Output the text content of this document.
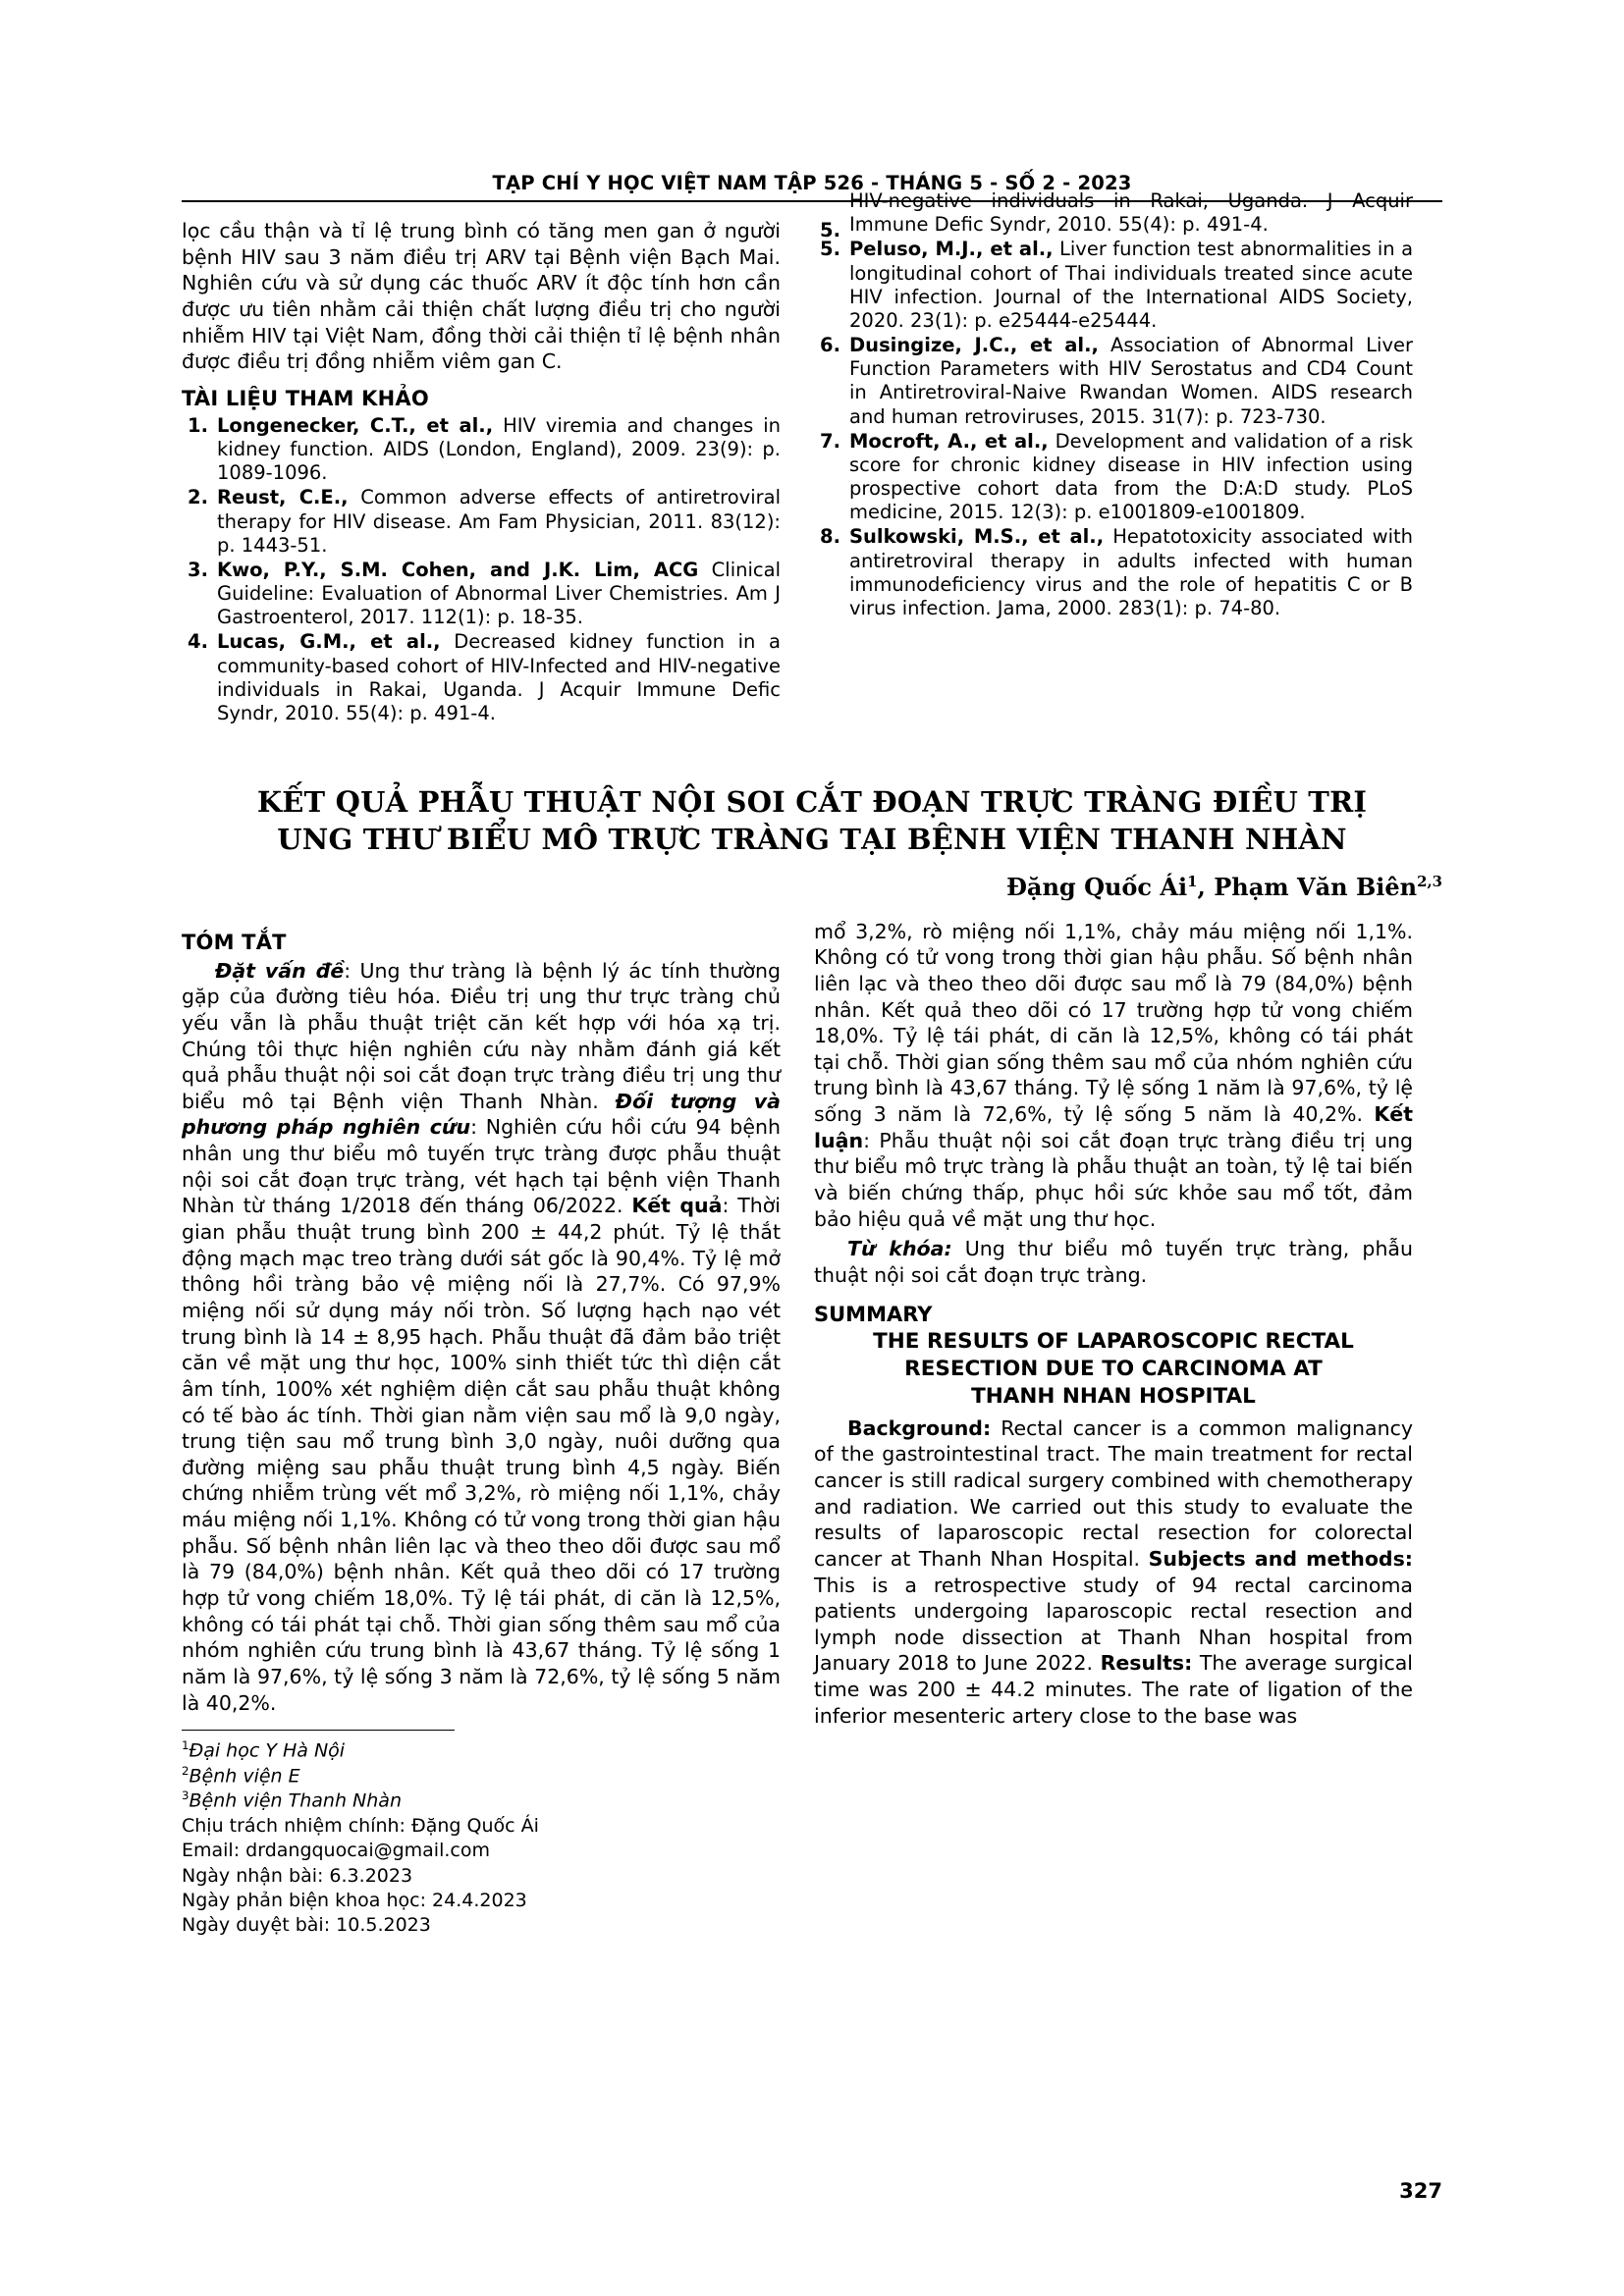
TẠP CHÍ Y HỌC VIỆT NAM TẬP 526 - THÁNG 5 - SỐ 2 - 2023

lọc cầu thận và tỉ lệ trung bình có tăng men gan ở người bệnh HIV sau 3 năm điều trị ARV tại Bệnh viện Bạch Mai. Nghiên cứu và sử dụng các thuốc ARV ít độc tính hơn cần được ưu tiên nhằm cải thiện chất lượng điều trị cho người nhiễm HIV tại Việt Nam, đồng thời cải thiện tỉ lệ bệnh nhân được điều trị đồng nhiễm viêm gan C.

TÀI LIỆU THAM KHẢO
Longenecker, C.T., et al., HIV viremia and changes in kidney function. AIDS (London, England), 2009. 23(9): p. 1089-1096.
Reust, C.E., Common adverse effects of antiretroviral therapy for HIV disease. Am Fam Physician, 2011. 83(12): p. 1443-51.
Kwo, P.Y., S.M. Cohen, and J.K. Lim, ACG Clinical Guideline: Evaluation of Abnormal Liver Chemistries. Am J Gastroenterol, 2017. 112(1): p. 18-35.
Lucas, G.M., et al., Decreased kidney function in a community-based cohort of HIV-Infected and HIV-negative individuals in Rakai, Uganda. J Acquir Immune Defic Syndr, 2010. 55(4): p. 491-4.

HIV-negative individuals in Rakai, Uganda. J Acquir Immune Defic Syndr, 2010. 55(4): p. 491-4.

Peluso, M.J., et al., Liver function test abnormalities in a longitudinal cohort of Thai individuals treated since acute HIV infection. Journal of the International AIDS Society, 2020. 23(1): p. e25444-e25444.
Dusingize, J.C., et al., Association of Abnormal Liver Function Parameters with HIV Serostatus and CD4 Count in Antiretroviral-Naive Rwandan Women. AIDS research and human retroviruses, 2015. 31(7): p. 723-730.
Mocroft, A., et al., Development and validation of a risk score for chronic kidney disease in HIV infection using prospective cohort data from the D:A:D study. PLoS medicine, 2015. 12(3): p. e1001809-e1001809.
Sulkowski, M.S., et al., Hepatotoxicity associated with antiretroviral therapy in adults infected with human immunodeficiency virus and the role of hepatitis C or B virus infection. Jama, 2000. 283(1): p. 74-80.
KẾT QUẢ PHẪU THUẬT NỘI SOI CẮT ĐOẠN TRỰC TRÀNG ĐIỀU TRỊ
UNG THƯ BIỂU MÔ TRỰC TRÀNG TẠI BỆNH VIỆN THANH NHÀN
Đặng Quốc $Ái^1$, Phạm Văn Biên$^{2,3}$
TÓM TẮT

Đặt vấn đề: Ung thư tràng là bệnh lý ác tính thường gặp của đường tiêu hóa. Điều trị ung thư trực tràng chủ yếu vẫn là phẫu thuật triệt căn kết hợp với hóa xạ trị. Chúng tôi thực hiện nghiên cứu này nhằm đánh giá kết quả phẫu thuật nội soi cắt đoạn trực tràng điều trị ung thư biểu mô tại Bệnh viện Thanh Nhàn. Đối tượng và phương pháp nghiên cứu: Nghiên cứu hồi cứu 94 bệnh nhân ung thư biểu mô tuyến trực tràng được phẫu thuật nội soi cắt đoạn trực tràng, vét hạch tại bệnh viện Thanh Nhàn từ tháng 1/2018 đến tháng 06/2022. Kết quả: Thời gian phẫu thuật trung bình 200 ± 44,2 phút. Tỷ lệ thắt động mạch mạc treo tràng dưới sát gốc là 90,4%. Tỷ lệ mở thông hồi tràng bảo vệ miệng nối là 27,7%. Có 97,9% miệng nối sử dụng máy nối tròn. Số lượng hạch nạo vét trung bình là 14 ± 8,95 hạch. Phẫu thuật đã đảm bảo triệt căn về mặt ung thư học, 100% sinh thiết tức thì diện cắt âm tính, 100% xét nghiệm diện cắt sau phẫu thuật không có tế bào ác tính. Thời gian nằm viện sau mổ là 9,0 ngày, trung tiện sau mổ trung bình 3,0 ngày, nuôi dưỡng qua đường miệng sau phẫu thuật trung bình 4,5 ngày. Biến chứng nhiễm trùng vết mổ 3,2%, rò miệng nối 1,1%, chảy máu miệng nối 1,1%. Không có tử vong trong thời gian hậu phẫu. Số bệnh nhân liên lạc và theo theo dõi được sau mổ là 79 (84,0%) bệnh nhân. Kết quả theo dõi có 17 trường hợp tử vong chiếm 18,0%. Tỷ lệ tái phát, di căn là 12,5%, không có tái phát tại chỗ. Thời gian sống thêm sau mổ của nhóm nghiên cứu trung bình là 43,67 tháng. Tỷ lệ sống 1 năm là 97,6%, tỷ lệ sống 3 năm là 72,6%, tỷ lệ sống 5 năm là 40,2%.

$^1$Đại học Y Hà Nội

$^2$Bệnh viện E

$^3$Bệnh viện Thanh Nhàn

Chịu trách nhiệm chính: Đặng Quốc Ái

Email: drdangquocai@gmail.com

Ngày nhận bài: 6.3.2023

Ngày phản biện khoa học: 24.4.2023

Ngày duyệt bài: 10.5.2023

mổ 3,2%, rò miệng nối 1,1%, chảy máu miệng nối 1,1%. Không có tử vong trong thời gian hậu phẫu. Số bệnh nhân liên lạc và theo theo dõi được sau mổ là 79 (84,0%) bệnh nhân. Kết quả theo dõi có 17 trường hợp tử vong chiếm 18,0%. Tỷ lệ tái phát, di căn là 12,5%, không có tái phát tại chỗ. Thời gian sống thêm sau mổ của nhóm nghiên cứu trung bình là 43,67 tháng. Tỷ lệ sống 1 năm là 97,6%, tỷ lệ sống 3 năm là 72,6%, tỷ lệ sống 5 năm là 40,2%. Kết luận: Phẫu thuật nội soi cắt đoạn trực tràng điều trị ung thư biểu mô trực tràng là phẫu thuật an toàn, tỷ lệ tai biến và biến chứng thấp, phục hồi sức khỏe sau mổ tốt, đảm bảo hiệu quả về mặt ung thư học.

Từ khóa: Ung thư biểu mô tuyến trực tràng, phẫu thuật nội soi cắt đoạn trực tràng.

SUMMARY
THE RESULTS OF LAPAROSCOPIC RECTAL
RESECTION DUE TO CARCINOMA AT
THANH NHAN HOSPITAL

Background: Rectal cancer is a common malignancy of the gastrointestinal tract. The main treatment for rectal cancer is still radical surgery combined with chemotherapy and radiation. We carried out this study to evaluate the results of laparoscopic rectal resection for colorectal cancer at Thanh Nhan Hospital. Subjects and methods: This is a retrospective study of 94 rectal carcinoma patients undergoing laparoscopic rectal resection and lymph node dissection at Thanh Nhan hospital from January 2018 to June 2022. Results: The average surgical time was 200 ± 44.2 minutes. The rate of ligation of the inferior mesenteric artery close to the base was

327
